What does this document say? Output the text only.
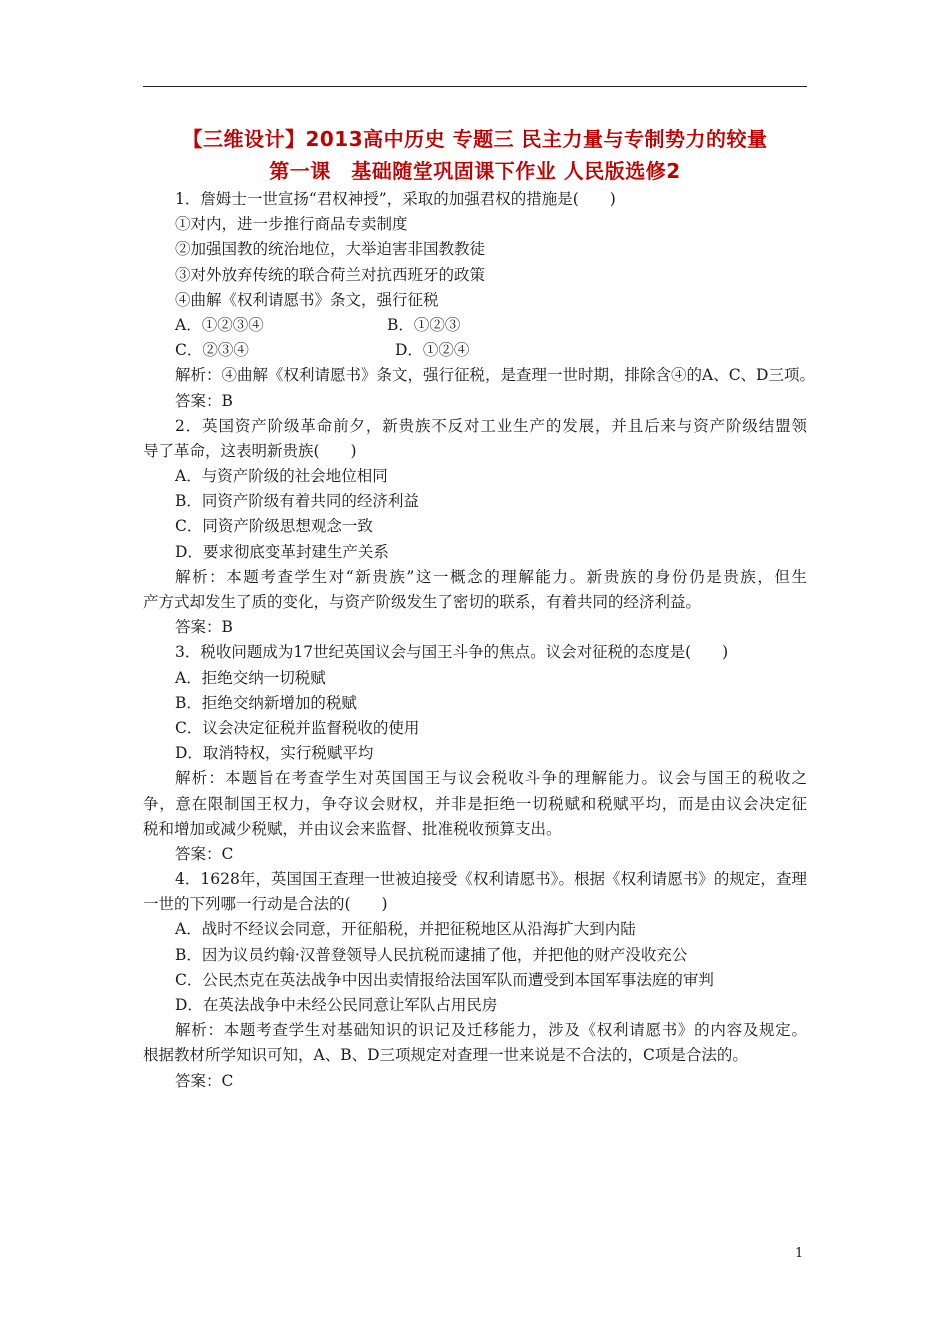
【三维设计】2013高中历史 专题三 民主力量与专制势力的较量
第一课　基础随堂巩固课下作业 人民版选修2
1．詹姆士一世宣扬“君权神授”，采取的加强君权的措施是(　　)
①对内，进一步推行商品专卖制度
②加强国教的统治地位，大举迫害非国教教徒
③对外放弃传统的联合荷兰对抗西班牙的政策
④曲解《权利请愿书》条文，强行征税
A．①②③④	B．①②③
C．②③④	D．①②④
解析：④曲解《权利请愿书》条文，强行征税，是查理一世时期，排除含④的A、C、D三项。
答案：B
2．英国资产阶级革命前夕，新贵族不反对工业生产的发展，并且后来与资产阶级结盟领
导了革命，这表明新贵族(　　)
A．与资产阶级的社会地位相同
B．同资产阶级有着共同的经济利益
C．同资产阶级思想观念一致
D．要求彻底变革封建生产关系
解析：本题考查学生对“新贵族”这一概念的理解能力。新贵族的身份仍是贵族，但生
产方式却发生了质的变化，与资产阶级发生了密切的联系，有着共同的经济利益。
答案：B
3．税收问题成为17世纪英国议会与国王斗争的焦点。议会对征税的态度是(　　)
A．拒绝交纳一切税赋
B．拒绝交纳新增加的税赋
C．议会决定征税并监督税收的使用
D．取消特权，实行税赋平均
解析：本题旨在考查学生对英国国王与议会税收斗争的理解能力。议会与国王的税收之
争，意在限制国王权力，争夺议会财权，并非是拒绝一切税赋和税赋平均，而是由议会决定征
税和增加或减少税赋，并由议会来监督、批准税收预算支出。
答案：C
4．1628年，英国国王查理一世被迫接受《权利请愿书》。根据《权利请愿书》的规定，查理
一世的下列哪一行动是合法的(　　)
A．战时不经议会同意，开征船税，并把征税地区从沿海扩大到内陆
B．因为议员约翰·汉普登领导人民抗税而逮捕了他，并把他的财产没收充公
C．公民杰克在英法战争中因出卖情报给法国军队而遭受到本国军事法庭的审判
D．在英法战争中未经公民同意让军队占用民房
解析：本题考查学生对基础知识的识记及迁移能力，涉及《权利请愿书》的内容及规定。
根据教材所学知识可知，A、B、D三项规定对查理一世来说是不合法的，C项是合法的。
答案：C
1
